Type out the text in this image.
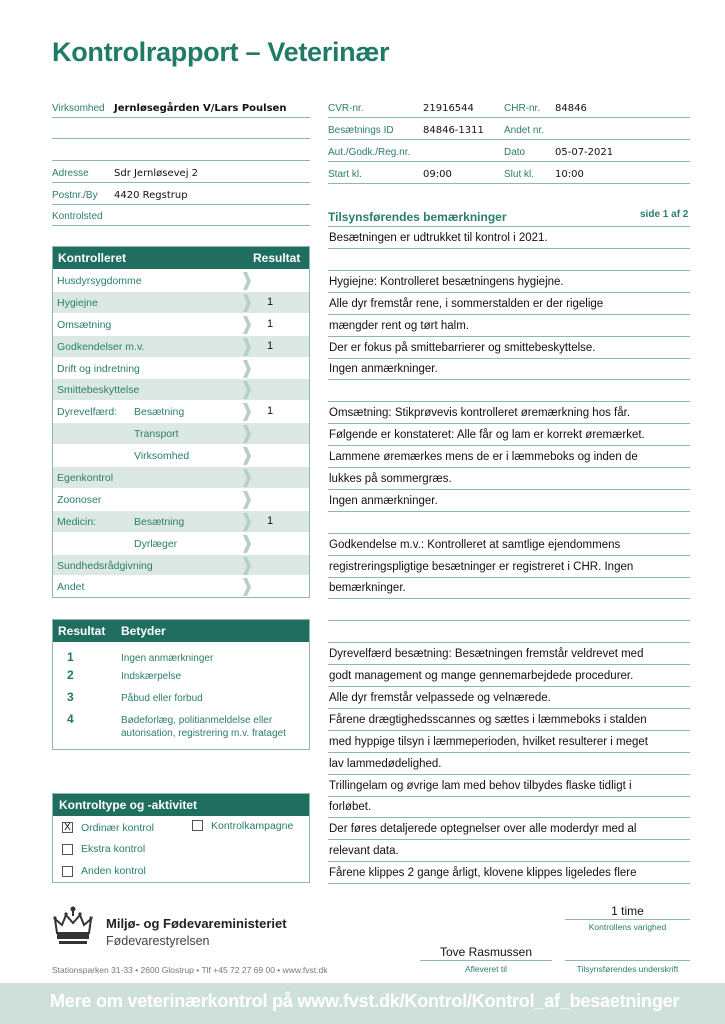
Kontrolrapport – Veterinær
Virksomhed Jernløsegården V/Lars Poulsen
Adresse	Sdr Jernløsevej 2
Postnr./By 4420 Regstrup
Kontrolsted
CVR-nr.	21916544	CHR-nr. 84846
Besætnings ID	84846-1311 Andet nr.
Aut./Godk./Reg.nr.	Dato	05-07-2021
Start kl.	09:00	Slut kl. 10:00
Kontrolleret	Resultat
Husdyrsygdomme
Hygiejne	1
Omsætning	1
Godkendelser m.v.	1
Drift og indretning
Smittebeskyttelse
Dyrevelfærd: Besætning	1
Transport
Virksomhed
Egenkontrol
Zoonoser
Medicin:	Besætning	1
Dyrlæger
Sundhedsrådgivning
Andet
Resultat Betyder
1	Ingen anmærkninger
2	Indskærpelse
3	Påbud eller forbud
4	Bødeforlæg, politianmeldelse eller autorisation, registrering m.v. frataget
Kontroltype og -aktivitet
X Ordinær kontrol	Kontrolkampagne
Ekstra kontrol
Anden kontrol
Tilsynsførendes bemærkninger	side 1 af 2
Besætningen er udtrukket til kontrol i 2021.
Hygiejne: Kontrolleret besætningens hygiejne.
Alle dyr fremstår rene, i sommerstalden er der rigelige
mængder rent og tørt halm.
Der er fokus på smittebarrierer og smittebeskyttelse.
Ingen anmærkninger.
Omsætning: Stikprøvevis kontrolleret øremærkning hos får.
Følgende er konstateret: Alle får og lam er korrekt øremærket.
Lammene øremærkes mens de er i læmmeboks og inden de
lukkes på sommergræs.
Ingen anmærkninger.
Godkendelse m.v.: Kontrolleret at samtlige ejendommens
registreringspligtige besætninger er registreret i CHR. Ingen
bemærkninger.
Dyrevelfærd besætning: Besætningen fremstår veldrevet med
godt management og mange gennemarbejdede procedurer.
Alle dyr fremstår velpassede og velnærede.
Fårene drægtighedsscannes og sættes i læmmeboks i stalden
med hyppige tilsyn i læmmeperioden, hvilket resulterer i meget
lav lammedødelighed.
Trillingelam og øvrige lam med behov tilbydes flaske tidligt i
forløbet.
Der føres detaljerede optegnelser over alle moderdyr med al
relevant data.
Fårene klippes 2 gange årligt, klovene klippes ligeledes flere
1 time
Kontrollens varighed
Tove Rasmussen
Afleveret til	Tilsynsførendes underskrift
Miljø- og Fødevareministeriet
Fødevarestyrelsen
Stationsparken 31-33 • 2600 Glostrup • Tlf +45 72 27 69 00 • www.fvst.dk
Mere om veterinærkontrol på www.fvst.dk/Kontrol/Kontrol_af_besaetninger
